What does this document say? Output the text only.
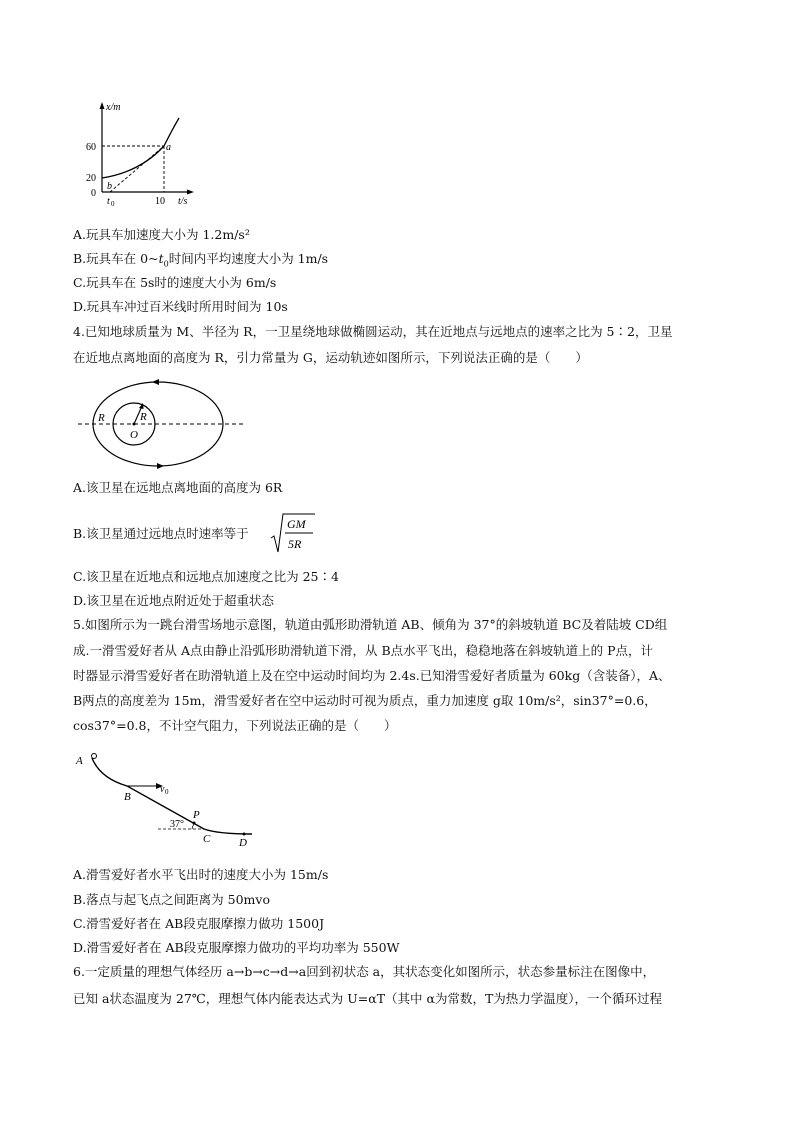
x/m
t/s
60
20
0
t 0	10
a
b
A.玩具车加速度大小为 1.2m/s²
B.玩具车在 $0\sim t_0$时间内平均速度大小为 1m/s
C.玩具车在 5s时的速度大小为 6m/s
D.玩具车冲过百米线时所用时间为 10s
4.已知地球质量为 M、半径为 R，一卫星绕地球做椭圆运动，其在近地点与远地点的速率之比为 5∶2，卫星
在近地点离地面的高度为 R，引力常量为 G，运动轨迹如图所示，下列说法正确的是（　　）
R	R
O
A.该卫星在远地点离地面的高度为 6R
B.该卫星通过远地点时速率等于
GM
5R
C.该卫星在近地点和远地点加速度之比为 25∶4
D.该卫星在近地点附近处于超重状态
5.如图所示为一跳台滑雪场地示意图，轨道由弧形助滑轨道 AB、倾角为 37°的斜坡轨道 BC及着陆坡 CD组
成.一滑雪爱好者从 A点由静止沿弧形助滑轨道下滑，从 B点水平飞出，稳稳地落在斜坡轨道上的 P点，计
时器显示滑雪爱好者在助滑轨道上及在空中运动时间均为 2.4s.已知滑雪爱好者质量为 60kg（含装备），A、
B两点的高度差为 15m，滑雪爱好者在空中运动时可视为质点，重力加速度 g取 10m/s²，sin37°=0.6，
cos37°=0.8，不计空气阻力，下列说法正确的是（　　）
A
B
v 0
P
37°
C	D
A.滑雪爱好者水平飞出时的速度大小为 15m/s
B.落点与起飞点之间距离为 50mvo
C.滑雪爱好者在 AB段克服摩擦力做功 1500J
D.滑雪爱好者在 AB段克服摩擦力做功的平均功率为 550W
6.一定质量的理想气体经历 a→b→c→d→a回到初状态 a，其状态变化如图所示，状态参量标注在图像中，
已知 a状态温度为 27℃，理想气体内能表达式为 U=αT（其中 α为常数，T为热力学温度），一个循环过程
